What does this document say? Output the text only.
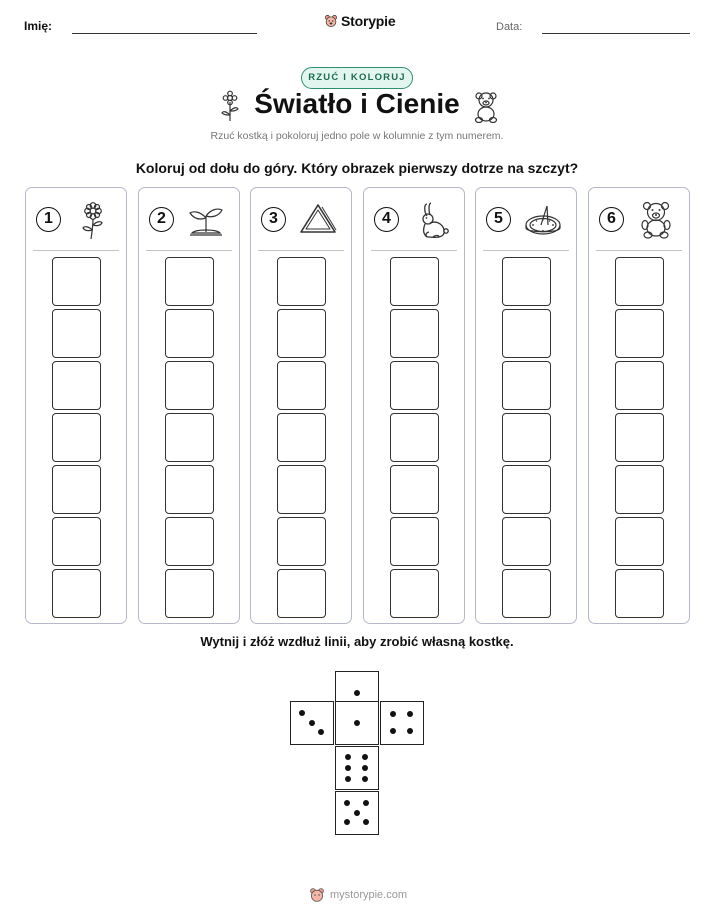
Imię:	Storypie	Data:
RZUĆ I KOLORUJ
Światło i Cienie
Rzuć kostką i pokoloruj jedno pole w kolumnie z tym numerem.
Koloruj od dołu do góry. Który obrazek pierwszy dotrze na szczyt?
1	2	3	4	5	6
Wytnij i złóż wzdłuż linii, aby zrobić własną kostkę.
mystorypie.com
